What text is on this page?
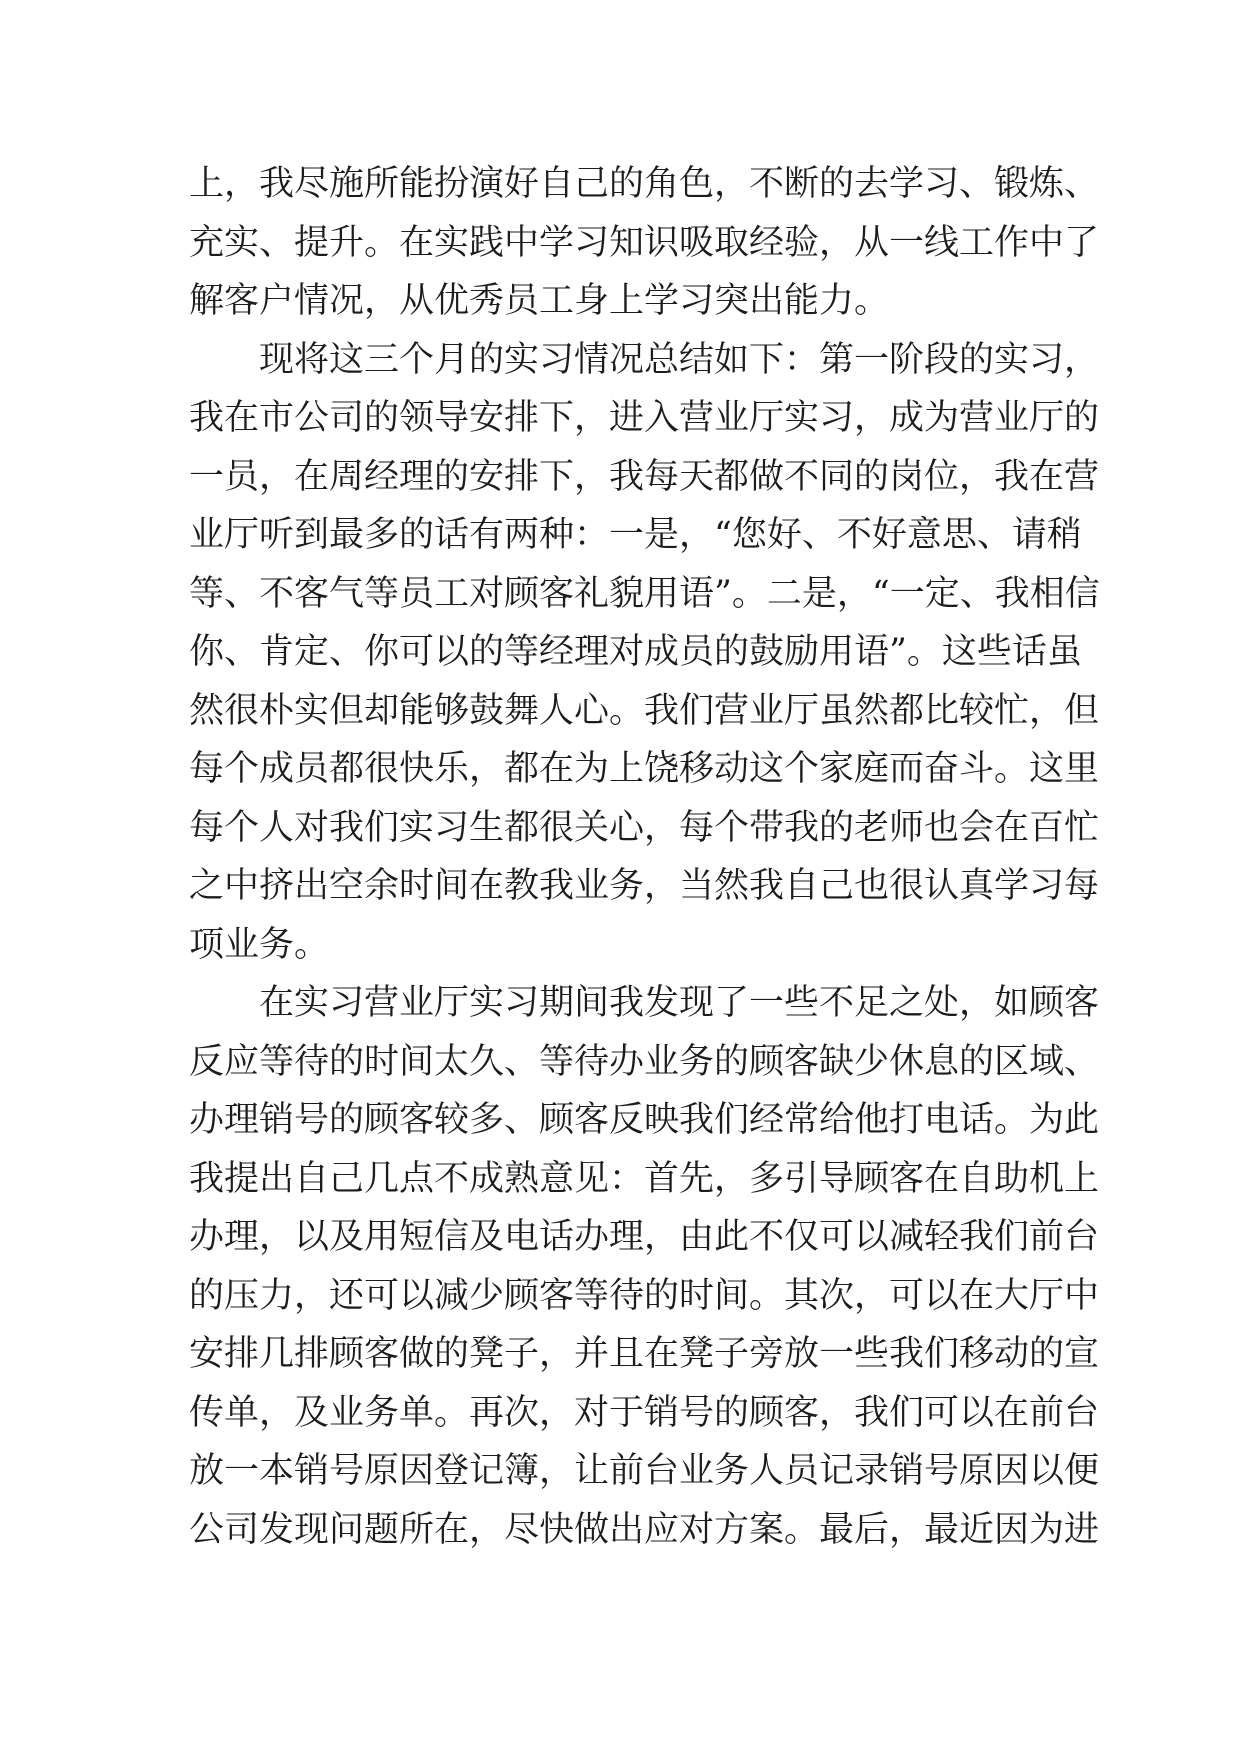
上，我尽施所能扮演好自己的角色，不断的去学习、锻炼、
充实、提升。在实践中学习知识吸取经验，从一线工作中了
解客户情况，从优秀员工身上学习突出能力。
现将这三个月的实习情况总结如下：第一阶段的实习，
我在市公司的领导安排下，进入营业厅实习，成为营业厅的
一员，在周经理的安排下，我每天都做不同的岗位，我在营
业厅听到最多的话有两种：一是，“您好、不好意思、请稍
等、不客气等员工对顾客礼貌用语”。二是，“一定、我相信
你、肯定、你可以的等经理对成员的鼓励用语”。这些话虽
然很朴实但却能够鼓舞人心。我们营业厅虽然都比较忙，但
每个成员都很快乐，都在为上饶移动这个家庭而奋斗。这里
每个人对我们实习生都很关心，每个带我的老师也会在百忙
之中挤出空余时间在教我业务，当然我自己也很认真学习每
项业务。
在实习营业厅实习期间我发现了一些不足之处，如顾客
反应等待的时间太久、等待办业务的顾客缺少休息的区域、
办理销号的顾客较多、顾客反映我们经常给他打电话。为此
我提出自己几点不成熟意见：首先，多引导顾客在自助机上
办理，以及用短信及电话办理，由此不仅可以减轻我们前台
的压力，还可以减少顾客等待的时间。其次，可以在大厅中
安排几排顾客做的凳子，并且在凳子旁放一些我们移动的宣
传单，及业务单。再次，对于销号的顾客，我们可以在前台
放一本销号原因登记簿，让前台业务人员记录销号原因以便
公司发现问题所在，尽快做出应对方案。最后，最近因为进
